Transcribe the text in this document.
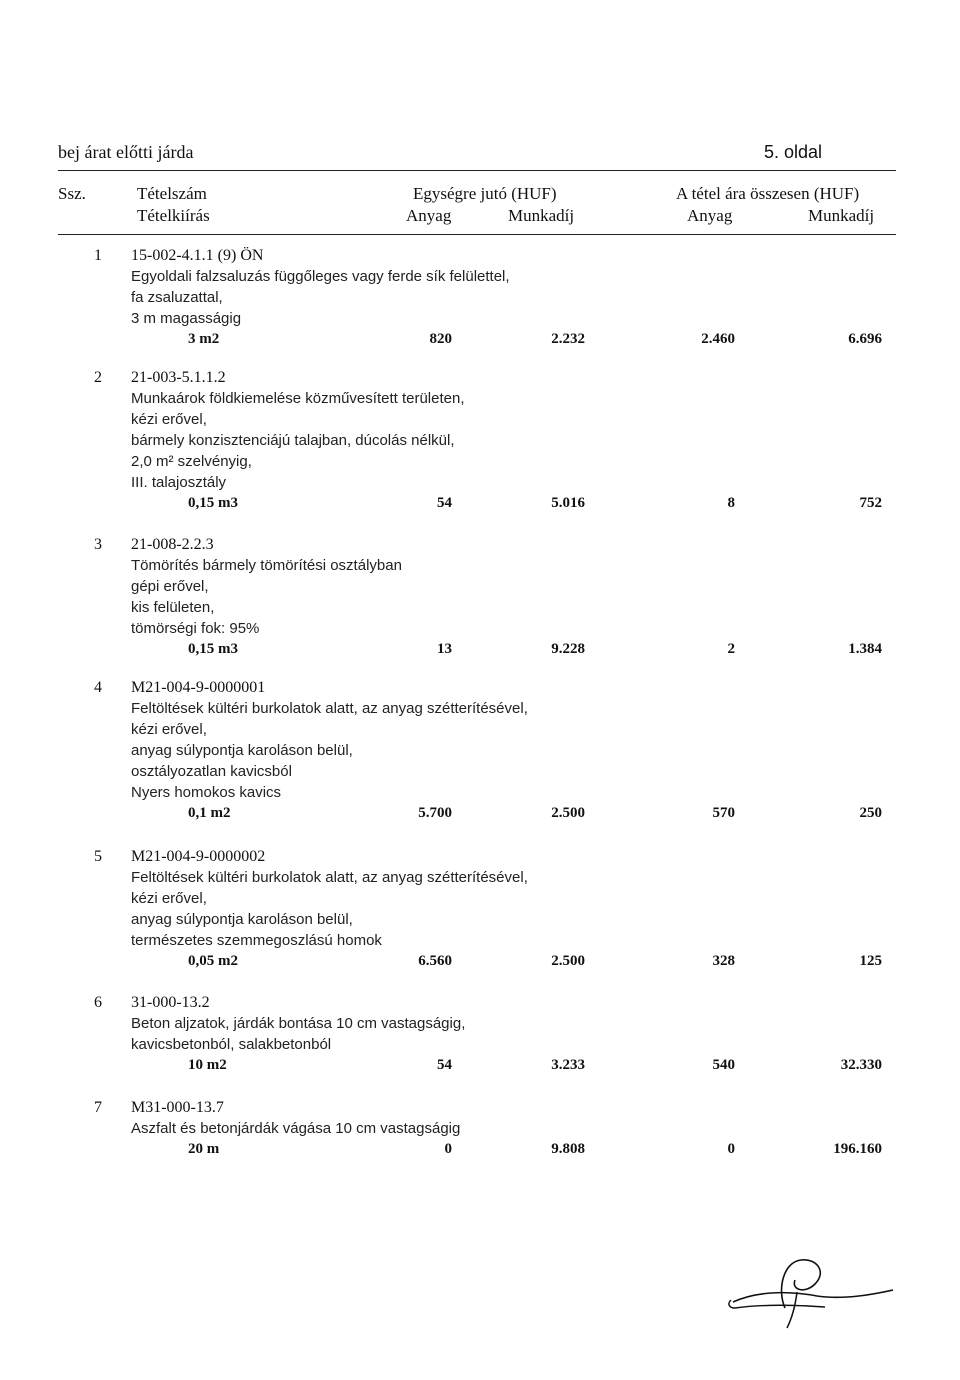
bej árat előtti járda	5. oldal
Ssz.	Tételszám
Tételkiírás
Egységre jutó (HUF)
Anyag	Munkadíj
A tétel ára összesen (HUF)
Anyag	Munkadíj
1 15-002-4.1.1 (9) ÖN
Egyoldali falzsaluzás függőleges vagy ferde sík felülettel,
fa zsaluzattal,
3 m magasságig
3 m2	820	2.232	2.460	6.696
2 21-003-5.1.1.2
Munkaárok földkiemelése közművesített területen,
kézi erővel,
bármely konzisztenciájú talajban, dúcolás nélkül,
2,0 m² szelvényig,
III. talajosztály
0,15 m3	54	5.016	8	752
3 21-008-2.2.3
Tömörítés bármely tömörítési osztályban
gépi erővel,
kis felületen,
tömörségi fok: 95%
0,15 m3	13	9.228	2	1.384
4 M21-004-9-0000001
Feltöltések kültéri burkolatok alatt, az anyag szétterítésével,
kézi erővel,
anyag súlypontja karoláson belül,
osztályozatlan kavicsból
Nyers homokos kavics
0,1 m2	5.700	2.500	570	250
5 M21-004-9-0000002
Feltöltések kültéri burkolatok alatt, az anyag szétterítésével,
kézi erővel,
anyag súlypontja karoláson belül,
természetes szemmegoszlású homok
0,05 m2	6.560	2.500	328	125
6 31-000-13.2
Beton aljzatok, járdák bontása 10 cm vastagságig,
kavicsbetonból, salakbetonból
10 m2	54	3.233	540	32.330
7 M31-000-13.7
Aszfalt és betonjárdák vágása 10 cm vastagságig
20 m	0	9.808	0	196.160
